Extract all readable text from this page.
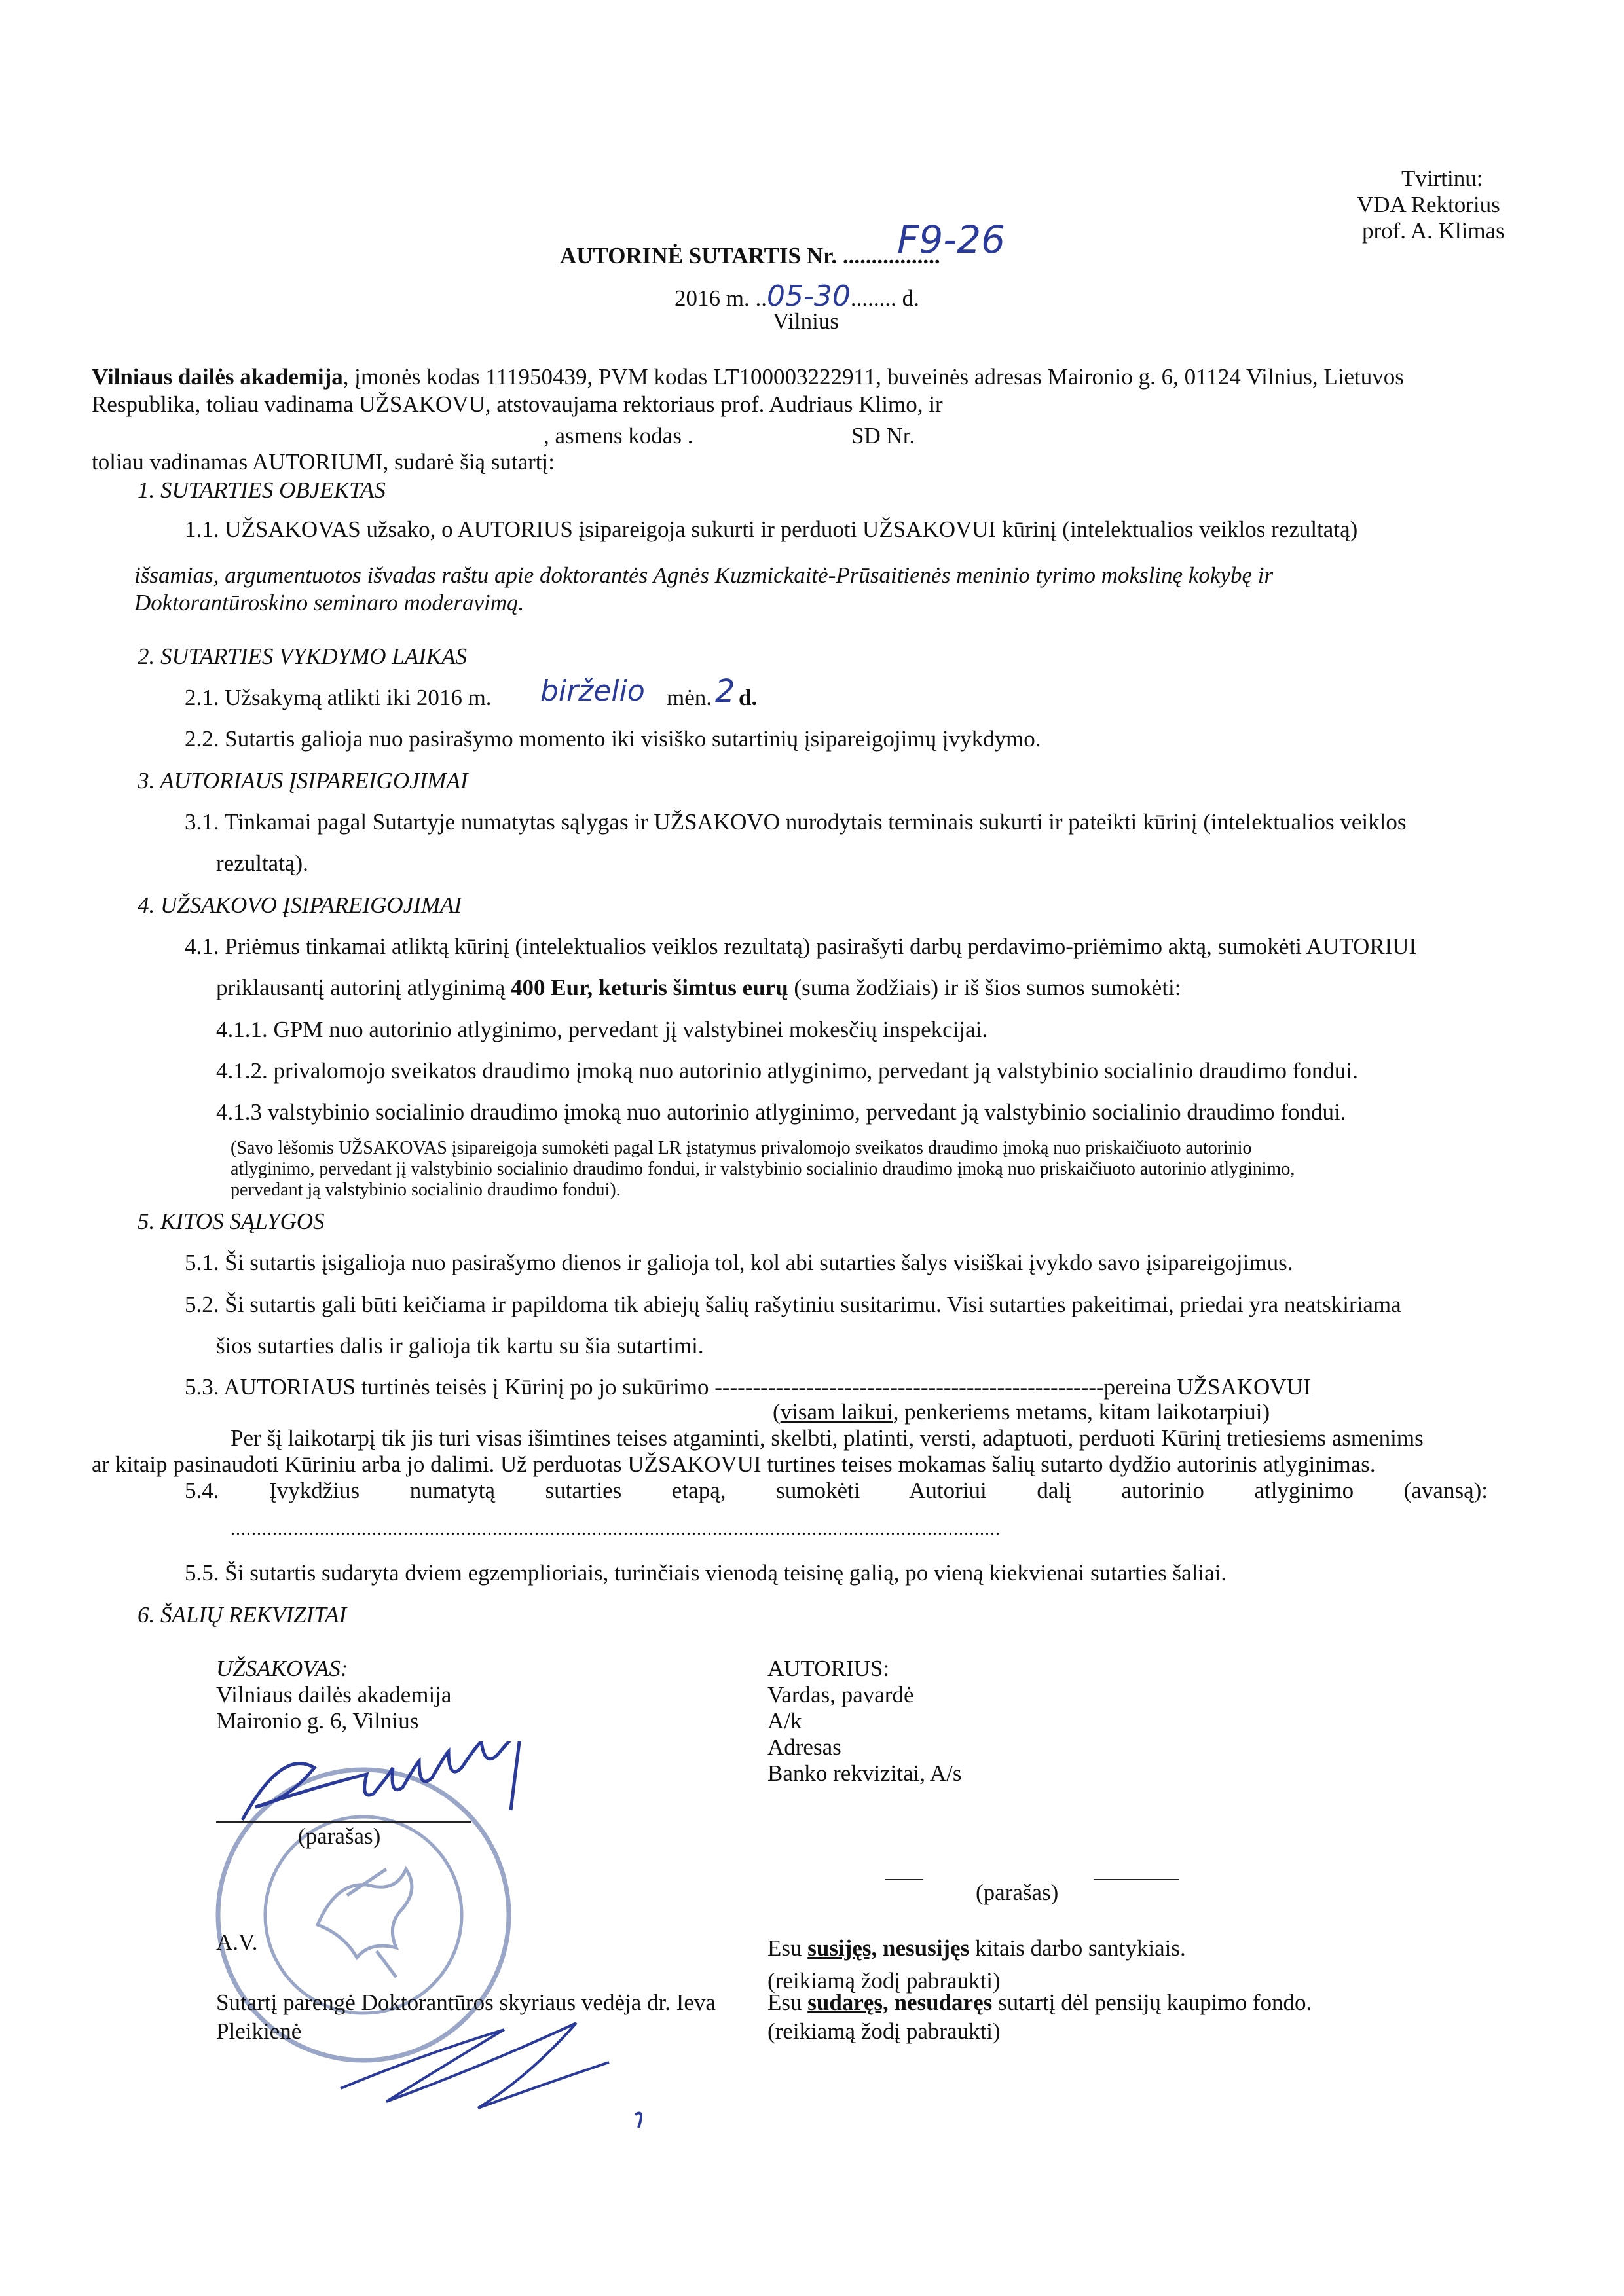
Tvirtinu:
VDA Rektorius
prof. A. Klimas
AUTORINĖ SUTARTIS Nr. .................
F9-26
2016 m. ..05-30........ d.
Vilnius
Vilniaus dailės akademija, įmonės kodas 111950439, PVM kodas LT100003222911, buveinės adresas Maironio g. 6, 01124 Vilnius, Lietuvos
Respublika, toliau vadinama UŽSAKOVU, atstovaujama rektoriaus prof. Audriaus Klimo, ir
, asmens kodas .	SD Nr.
toliau vadinamas AUTORIUMI, sudarė šią sutartį:
1. SUTARTIES OBJEKTAS
1.1. UŽSAKOVAS užsako, o AUTORIUS įsipareigoja sukurti ir perduoti UŽSAKOVUI kūrinį (intelektualios veiklos rezultatą)
išsamias, argumentuotos išvadas raštu apie doktorantės Agnės Kuzmickaitė-Prūsaitienės meninio tyrimo mokslinę kokybę ir
Doktorantūroskino seminaro moderavimą.
2. SUTARTIES VYKDYMO LAIKAS
2.1. Užsakymą atlikti iki 2016 m. birželio mėn. 2 d.
2.2. Sutartis galioja nuo pasirašymo momento iki visiško sutartinių įsipareigojimų įvykdymo.
3. AUTORIAUS ĮSIPAREIGOJIMAI
3.1. Tinkamai pagal Sutartyje numatytas sąlygas ir UŽSAKOVO nurodytais terminais sukurti ir pateikti kūrinį (intelektualios veiklos
rezultatą).
4. UŽSAKOVO ĮSIPAREIGOJIMAI
4.1. Priėmus tinkamai atliktą kūrinį (intelektualios veiklos rezultatą) pasirašyti darbų perdavimo-priėmimo aktą, sumokėti AUTORIUI
priklausantį autorinį atlyginimą 400 Eur, keturis šimtus eurų (suma žodžiais) ir iš šios sumos sumokėti:
4.1.1. GPM nuo autorinio atlyginimo, pervedant jį valstybinei mokesčių inspekcijai.
4.1.2. privalomojo sveikatos draudimo įmoką nuo autorinio atlyginimo, pervedant ją valstybinio socialinio draudimo fondui.
4.1.3 valstybinio socialinio draudimo įmoką nuo autorinio atlyginimo, pervedant ją valstybinio socialinio draudimo fondui.
(Savo lėšomis UŽSAKOVAS įsipareigoja sumokėti pagal LR įstatymus privalomojo sveikatos draudimo įmoką nuo priskaičiuoto autorinio
atlyginimo, pervedant jį valstybinio socialinio draudimo fondui, ir valstybinio socialinio draudimo įmoką nuo priskaičiuoto autorinio atlyginimo,
pervedant ją valstybinio socialinio draudimo fondui).
5. KITOS SĄLYGOS
5.1. Ši sutartis įsigalioja nuo pasirašymo dienos ir galioja tol, kol abi sutarties šalys visiškai įvykdo savo įsipareigojimus.
5.2. Ši sutartis gali būti keičiama ir papildoma tik abiejų šalių rašytiniu susitarimu. Visi sutarties pakeitimai, priedai yra neatskiriama
šios sutarties dalis ir galioja tik kartu su šia sutartimi.
5.3. AUTORIAUS turtinės teisės į Kūrinį po jo sukūrimo ---------------------------------------------------pereina UŽSAKOVUI
(visam laikui, penkeriems metams, kitam laikotarpiui)
Per šį laikotarpį tik jis turi visas išimtines teises atgaminti, skelbti, platinti, versti, adaptuoti, perduoti Kūrinį tretiesiems asmenims
ar kitaip pasinaudoti Kūriniu arba jo dalimi. Už perduotas UŽSAKOVUI turtines teises mokamas šalių sutarto dydžio autorinis atlyginimas.
5.4. Įvykdžius numatytą sutarties etapą, sumokėti Autoriui dalį autorinio atlyginimo (avansą):
...................................................................................................................................................
5.5. Ši sutartis sudaryta dviem egzemplioriais, turinčiais vienodą teisinę galią, po vieną kiekvienai sutarties šaliai.
6. ŠALIŲ REKVIZITAI
UŽSAKOVAS:
Vilniaus dailės akademija
Maironio g. 6, Vilnius
(parašas)
A.V.
Sutartį parengė Doktorantūros skyriaus vedėja dr. Ieva
Pleikienė
AUTORIUS:
Vardas, pavardė
A/k
Adresas
Banko rekvizitai, A/s
(parašas)
Esu susijęs, nesusijęs kitais darbo santykiais.
(reikiamą žodį pabraukti)
Esu sudaręs, nesudaręs sutartį dėl pensijų kaupimo fondo.
(reikiamą žodį pabraukti)
